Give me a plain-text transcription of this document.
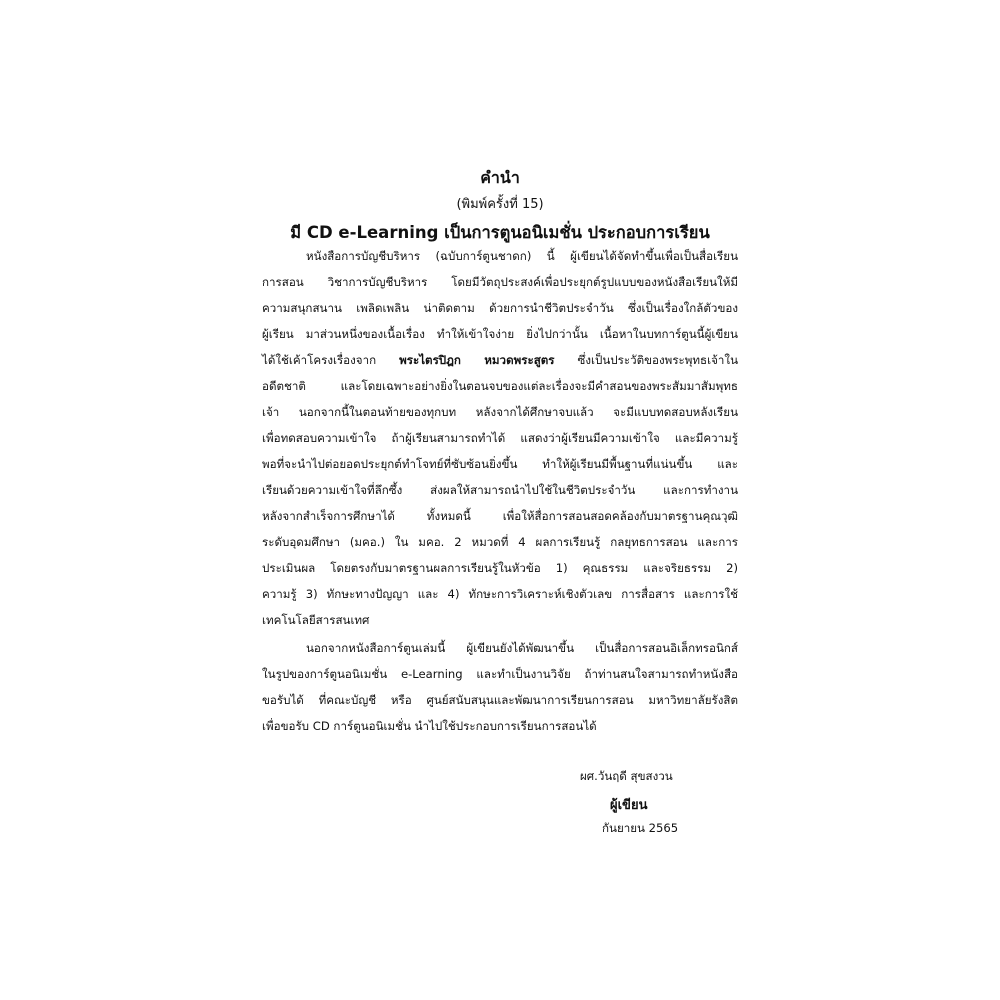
คำนำ
(พิมพ์ครั้งที่ 15)
มี CD e-Learning เป็นการตูนอนิเมชั่น ประกอบการเรียน
หนังสือการบัญชีบริหาร (ฉบับการ์ตูนชาดก) นี้ ผู้เขียนได้จัดทำขึ้นเพื่อเป็นสื่อเรียน
การสอน วิชาการบัญชีบริหาร โดยมีวัตถุประสงค์เพื่อประยุกต์รูปแบบของหนังสือเรียนให้มี
ความสนุกสนาน เพลิดเพลิน น่าติดตาม ด้วยการนำชีวิตประจำวัน ซึ่งเป็นเรื่องใกล้ตัวของ
ผู้เรียน มาส่วนหนึ่งของเนื้อเรื่อง ทำให้เข้าใจง่าย ยิ่งไปกว่านั้น เนื้อหาในบทการ์ตูนนี้ผู้เขียน
ได้ใช้เค้าโครงเรื่องจาก พระไตรปิฎก หมวดพระสูตร ซึ่งเป็นประวัติของพระพุทธเจ้าใน
อดีตชาติ และโดยเฉพาะอย่างยิ่งในตอนจบของแต่ละเรื่องจะมีคำสอนของพระสัมมาสัมพุทธ
เจ้า นอกจากนี้ในตอนท้ายของทุกบท หลังจากได้ศึกษาจบแล้ว จะมีแบบทดสอบหลังเรียน
เพื่อทดสอบความเข้าใจ ถ้าผู้เรียนสามารถทำได้ แสดงว่าผู้เรียนมีความเข้าใจ และมีความรู้
พอที่จะนำไปต่อยอดประยุกต์ทำโจทย์ที่ซับซ้อนยิ่งขึ้น ทำให้ผู้เรียนมีพื้นฐานที่แน่นขึ้น และ
เรียนด้วยความเข้าใจที่ลึกซึ้ง ส่งผลให้สามารถนำไปใช้ในชีวิตประจำวัน และการทำงาน
หลังจากสำเร็จการศึกษาได้ ทั้งหมดนี้ เพื่อให้สื่อการสอนสอดคล้องกับมาตรฐานคุณวุฒิ
ระดับอุดมศึกษา (มคอ.) ใน มคอ. 2 หมวดที่ 4 ผลการเรียนรู้ กลยุทธการสอน และการ
ประเมินผล โดยตรงกับมาตรฐานผลการเรียนรู้ในหัวข้อ 1) คุณธรรม และจริยธรรม 2)
ความรู้ 3) ทักษะทางปัญญา และ 4) ทักษะการวิเคราะห์เชิงตัวเลข การสื่อสาร และการใช้
เทคโนโลยีสารสนเทศ
นอกจากหนังสือการ์ตูนเล่มนี้ ผู้เขียนยังได้พัฒนาขึ้น เป็นสื่อการสอนอิเล็กทรอนิกส์
ในรูปของการ์ตูนอนิเมชั่น e-Learning และทำเป็นงานวิจัย ถ้าท่านสนใจสามารถทำหนังสือ
ขอรับได้ ที่คณะบัญชี หรือ ศูนย์สนับสนุนและพัฒนาการเรียนการสอน มหาวิทยาลัยรังสิต
เพื่อขอรับ CD การ์ตูนอนิเมชั่น นำไปใช้ประกอบการเรียนการสอนได้
ผศ.วันฤดี สุขสงวน
ผู้เขียน
กันยายน 2565
